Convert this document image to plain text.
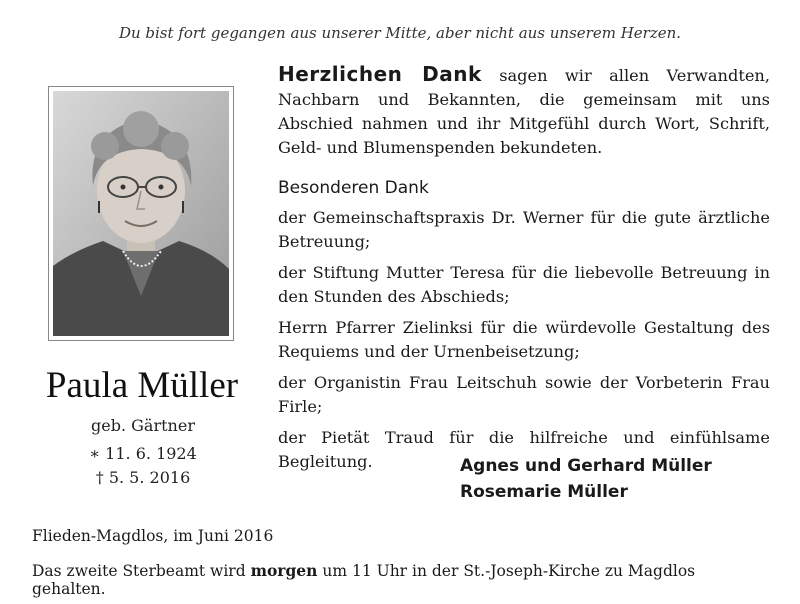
Du bist fort gegangen aus unserer Mitte, aber nicht aus unserem Herzen.
Paula Müller
geb. Gärtner
∗ 11. 6. 1924
† 5. 5. 2016

Herzlichen Dank sagen wir allen Verwandten, Nachbarn und Bekannten, die gemeinsam mit uns Abschied nahmen und ihr Mitgefühl durch Wort, Schrift, Geld- und Blumenspenden bekundeten.

Besonderen Dank

der Gemeinschaftspraxis Dr. Werner für die gute ärztliche Betreuung;

der Stiftung Mutter Teresa für die liebevolle Betreuung in den Stunden des Abschieds;

Herrn Pfarrer Zielinksi für die würdevolle Gestaltung des Requiems und der Urnenbeisetzung;

der Organistin Frau Leitschuh sowie der Vorbeterin Frau Firle;

der Pietät Traud für die hilfreiche und einfühlsame Begleitung.	Agnes und Gerhard Müller
Rosemarie Müller
Flieden-Magdlos, im Juni 2016
Das zweite Sterbeamt wird morgen um 11 Uhr in der St.-Joseph-Kirche zu Magdlos gehalten.
